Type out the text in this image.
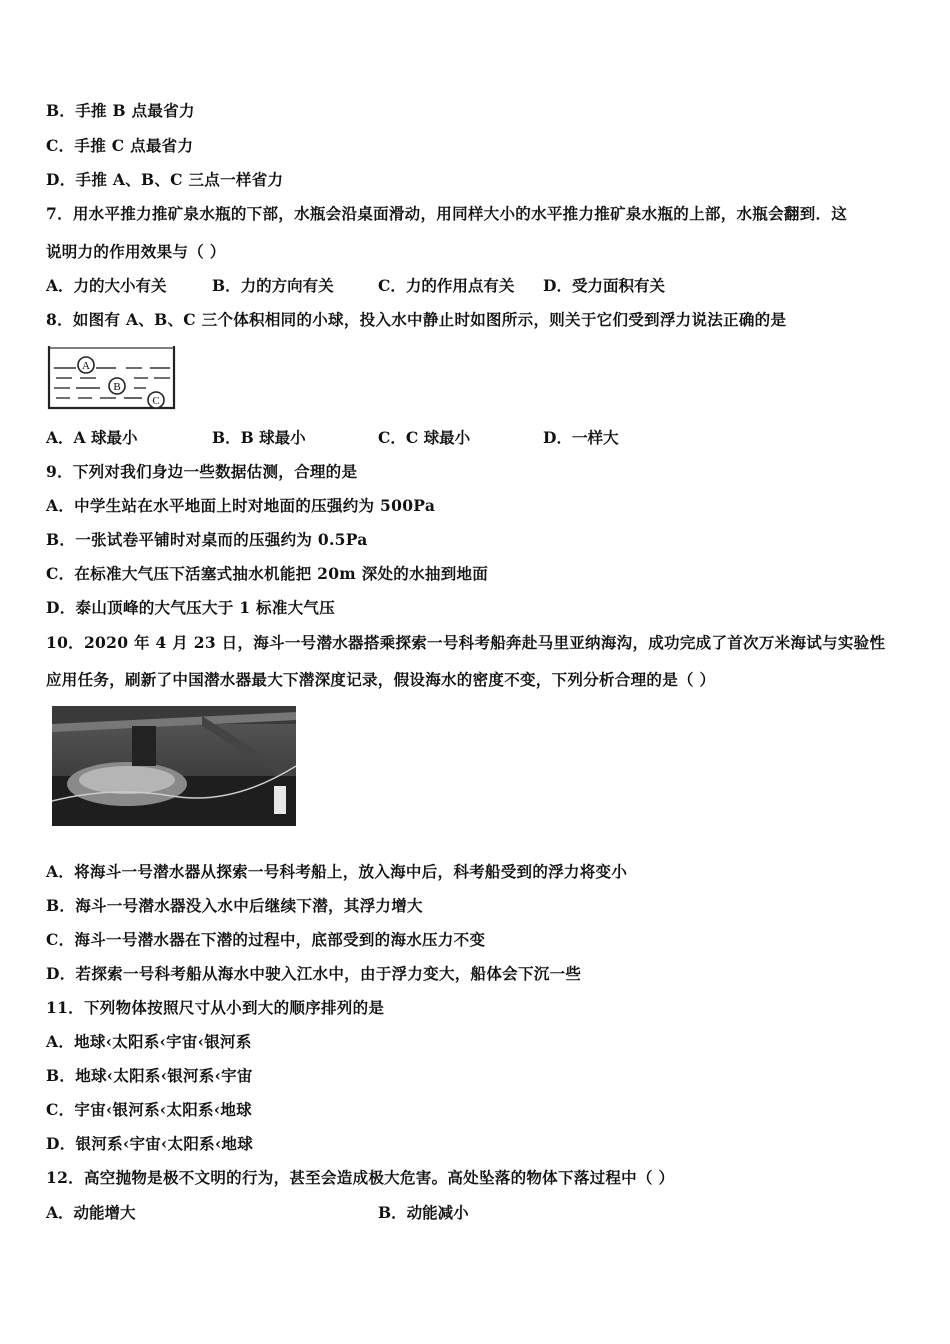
B．手推 B 点最省力
C．手推 C 点最省力
D．手推 A、B、C 三点一样省力
7．用水平推力推矿泉水瓶的下部，水瓶会沿桌面滑动，用同样大小的水平推力推矿泉水瓶的上部，水瓶会翻到．这
说明力的作用效果与（ ）
A．力的大小有关	B．力的方向有关	C．力的作用点有关 D．受力面积有关
8．如图有 A、B、C 三个体积相同的小球，投入水中静止时如图所示，则关于它们受到浮力说法正确的是
A
B
C
A．A 球最小	B．B 球最小	C．C 球最小	D．一样大
9．下列对我们身边一些数据估测，合理的是
A．中学生站在水平地面上时对地面的压强约为 500Pa
B．一张试卷平铺时对桌而的压强约为 0.5Pa
C．在标准大气压下活塞式抽水机能把 20m 深处的水抽到地面
D．泰山顶峰的大气压大于 1 标准大气压
10．2020 年 4 月 23 日，海斗一号潜水器搭乘探索一号科考船奔赴马里亚纳海沟，成功完成了首次万米海试与实验性
应用任务，刷新了中国潜水器最大下潜深度记录，假设海水的密度不变，下列分析合理的是（ ）
A．将海斗一号潜水器从探索一号科考船上，放入海中后，科考船受到的浮力将变小
B．海斗一号潜水器没入水中后继续下潜，其浮力增大
C．海斗一号潜水器在下潜的过程中，底部受到的海水压力不变
D．若探索一号科考船从海水中驶入江水中，由于浮力变大，船体会下沉一些
11．下列物体按照尺寸从小到大的顺序排列的是
A．地球‹太阳系‹宇宙‹银河系
B．地球‹太阳系‹银河系‹宇宙
C．宇宙‹银河系‹太阳系‹地球
D．银河系‹宇宙‹太阳系‹地球
12．高空抛物是极不文明的行为，甚至会造成极大危害。高处坠落的物体下落过程中（ ）
A．动能增大	B．动能减小
